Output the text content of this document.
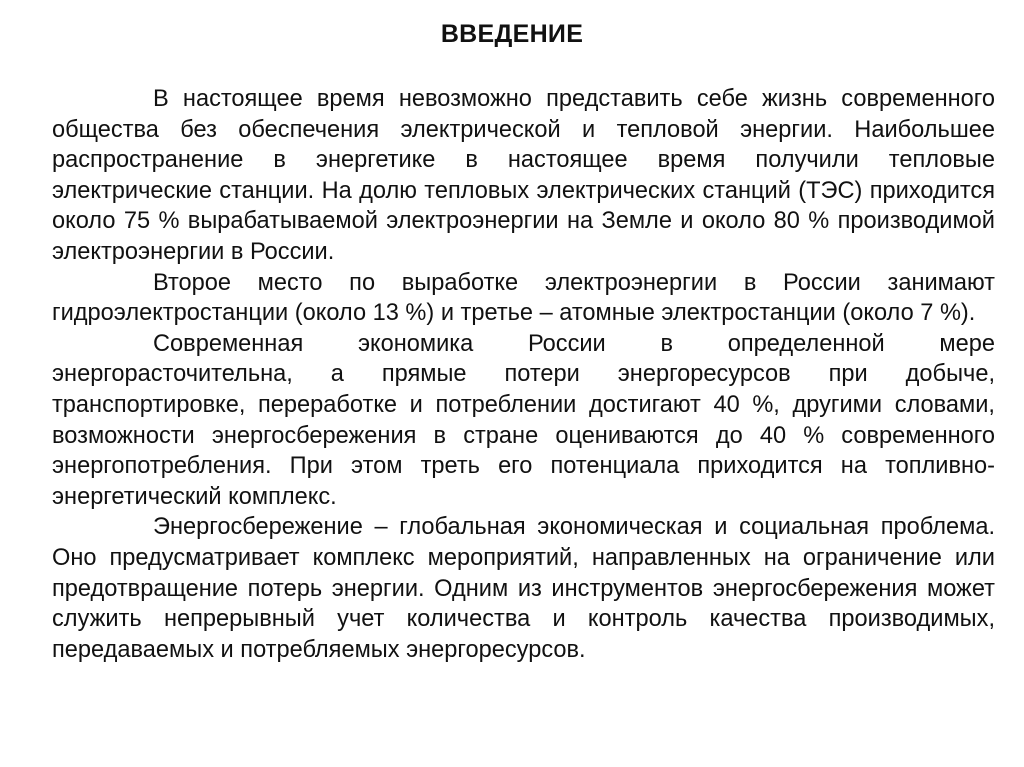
ВВЕДЕНИЕ

В настоящее время невозможно представить себе жизнь современного общества без обеспечения электрической и тепловой энергии. Наибольшее распространение в энергетике в настоящее время получили тепловые электрические станции. На долю тепловых электрических станций (ТЭС) приходится около 75 % вырабатываемой электроэнергии на Земле и около 80 % производимой электроэнергии в России.

Второе место по выработке электроэнергии в России занимают гидроэлектростанции (около 13 %) и третье – атомные электростанции (около 7 %).

Современная экономика России в определенной мере энергорасточительна, а прямые потери энергоресурсов при добыче, транспортировке, переработке и потреблении достигают 40 %, другими словами, возможности энергосбережения в стране оцениваются до 40 % современного энергопотребления. При этом треть его потенциала приходится на топливно-энергетический комплекс.

Энергосбережение – глобальная экономическая и социальная проблема. Оно предусматривает комплекс мероприятий, направленных на ограничение или предотвращение потерь энергии. Одним из инструментов энергосбережения может служить непрерывный учет количества и контроль качества производимых, передаваемых и потребляемых энергоресурсов.
